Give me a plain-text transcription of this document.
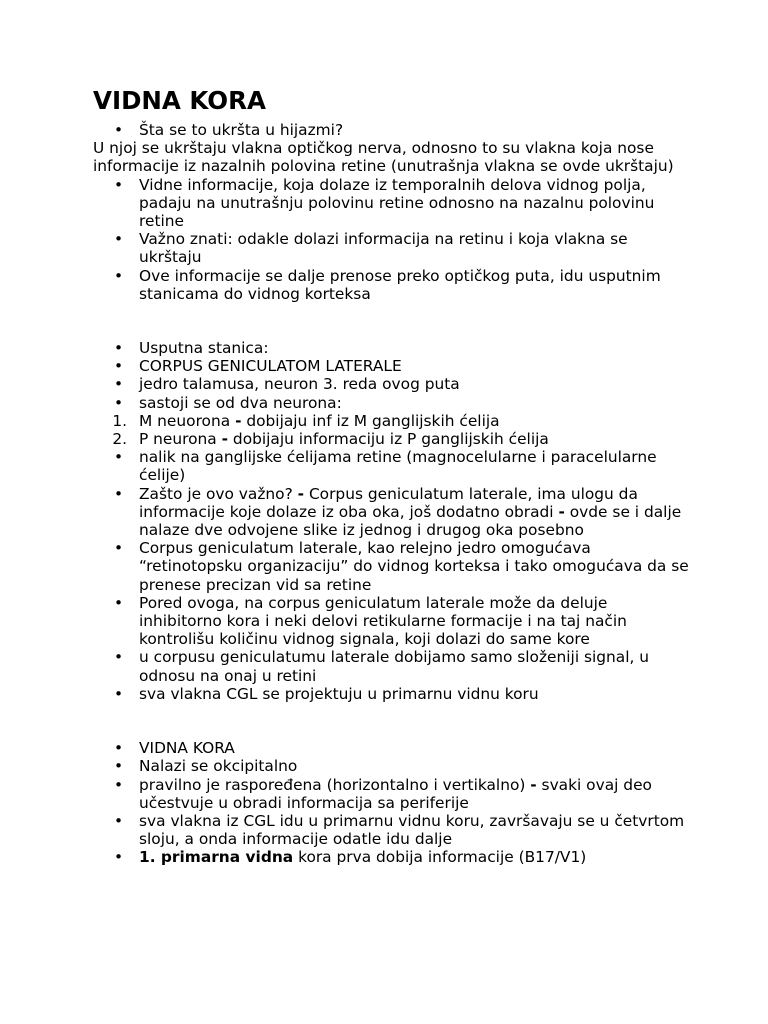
VIDNA KORA
•	Šta se to ukršta u hijazmi?

U njoj se ukrštaju vlakna optičkog nerva, odnosno to su vlakna koja nose informacije iz nazalnih polovina retine (unutrašnja vlakna se ovde ukrštaju)

•	Vidne informacije, koja dolaze iz temporalnih delova vidnog polja, padaju na unutrašnju polovinu retine odnosno na nazalnu polovinu retine
•	Važno znati: odakle dolazi informacija na retinu i koja vlakna se ukrštaju
•	Ove informacije se dalje prenose preko optičkog puta, idu usputnim stanicama do vidnog korteksa
•	Usputna stanica:
•	CORPUS GENICULATOM LATERALE
•	jedro talamusa, neuron 3. reda ovog puta
•	sastoji se od dva neurona:
1. M neuorona - dobijaju inf iz M ganglijskih ćelija
2. P neurona - dobijaju informaciju iz P ganglijskih ćelija
•	nalik na ganglijske ćelijama retine (magnocelularne i paracelularne ćelije)
•	Zašto je ovo važno? - Corpus geniculatum laterale, ima ulogu da informacije koje dolaze iz oba oka, još dodatno obradi - ovde se i dalje nalaze dve odvojene slike iz jednog i drugog oka posebno
•	Corpus geniculatum laterale, kao relejno jedro omogućava “retinotopsku organizaciju” do vidnog korteksa i tako omogućava da se prenese precizan vid sa retine
•	Pored ovoga, na corpus geniculatum laterale može da deluje inhibitorno kora i neki delovi retikularne formacije i na taj način kontrolišu količinu vidnog signala, koji dolazi do same kore
•	u corpusu geniculatumu laterale dobijamo samo složeniji signal, u odnosu na onaj u retini
•	sva vlakna CGL se projektuju u primarnu vidnu koru
•	VIDNA KORA
•	Nalazi se okcipitalno
•	pravilno je raspoređena (horizontalno i vertikalno) - svaki ovaj deo učestvuje u obradi informacija sa periferije
•	sva vlakna iz CGL idu u primarnu vidnu koru, završavaju se u četvrtom sloju, a onda informacije odatle idu dalje
•	1. primarna vidna kora prva dobija informacije (B17/V1)
